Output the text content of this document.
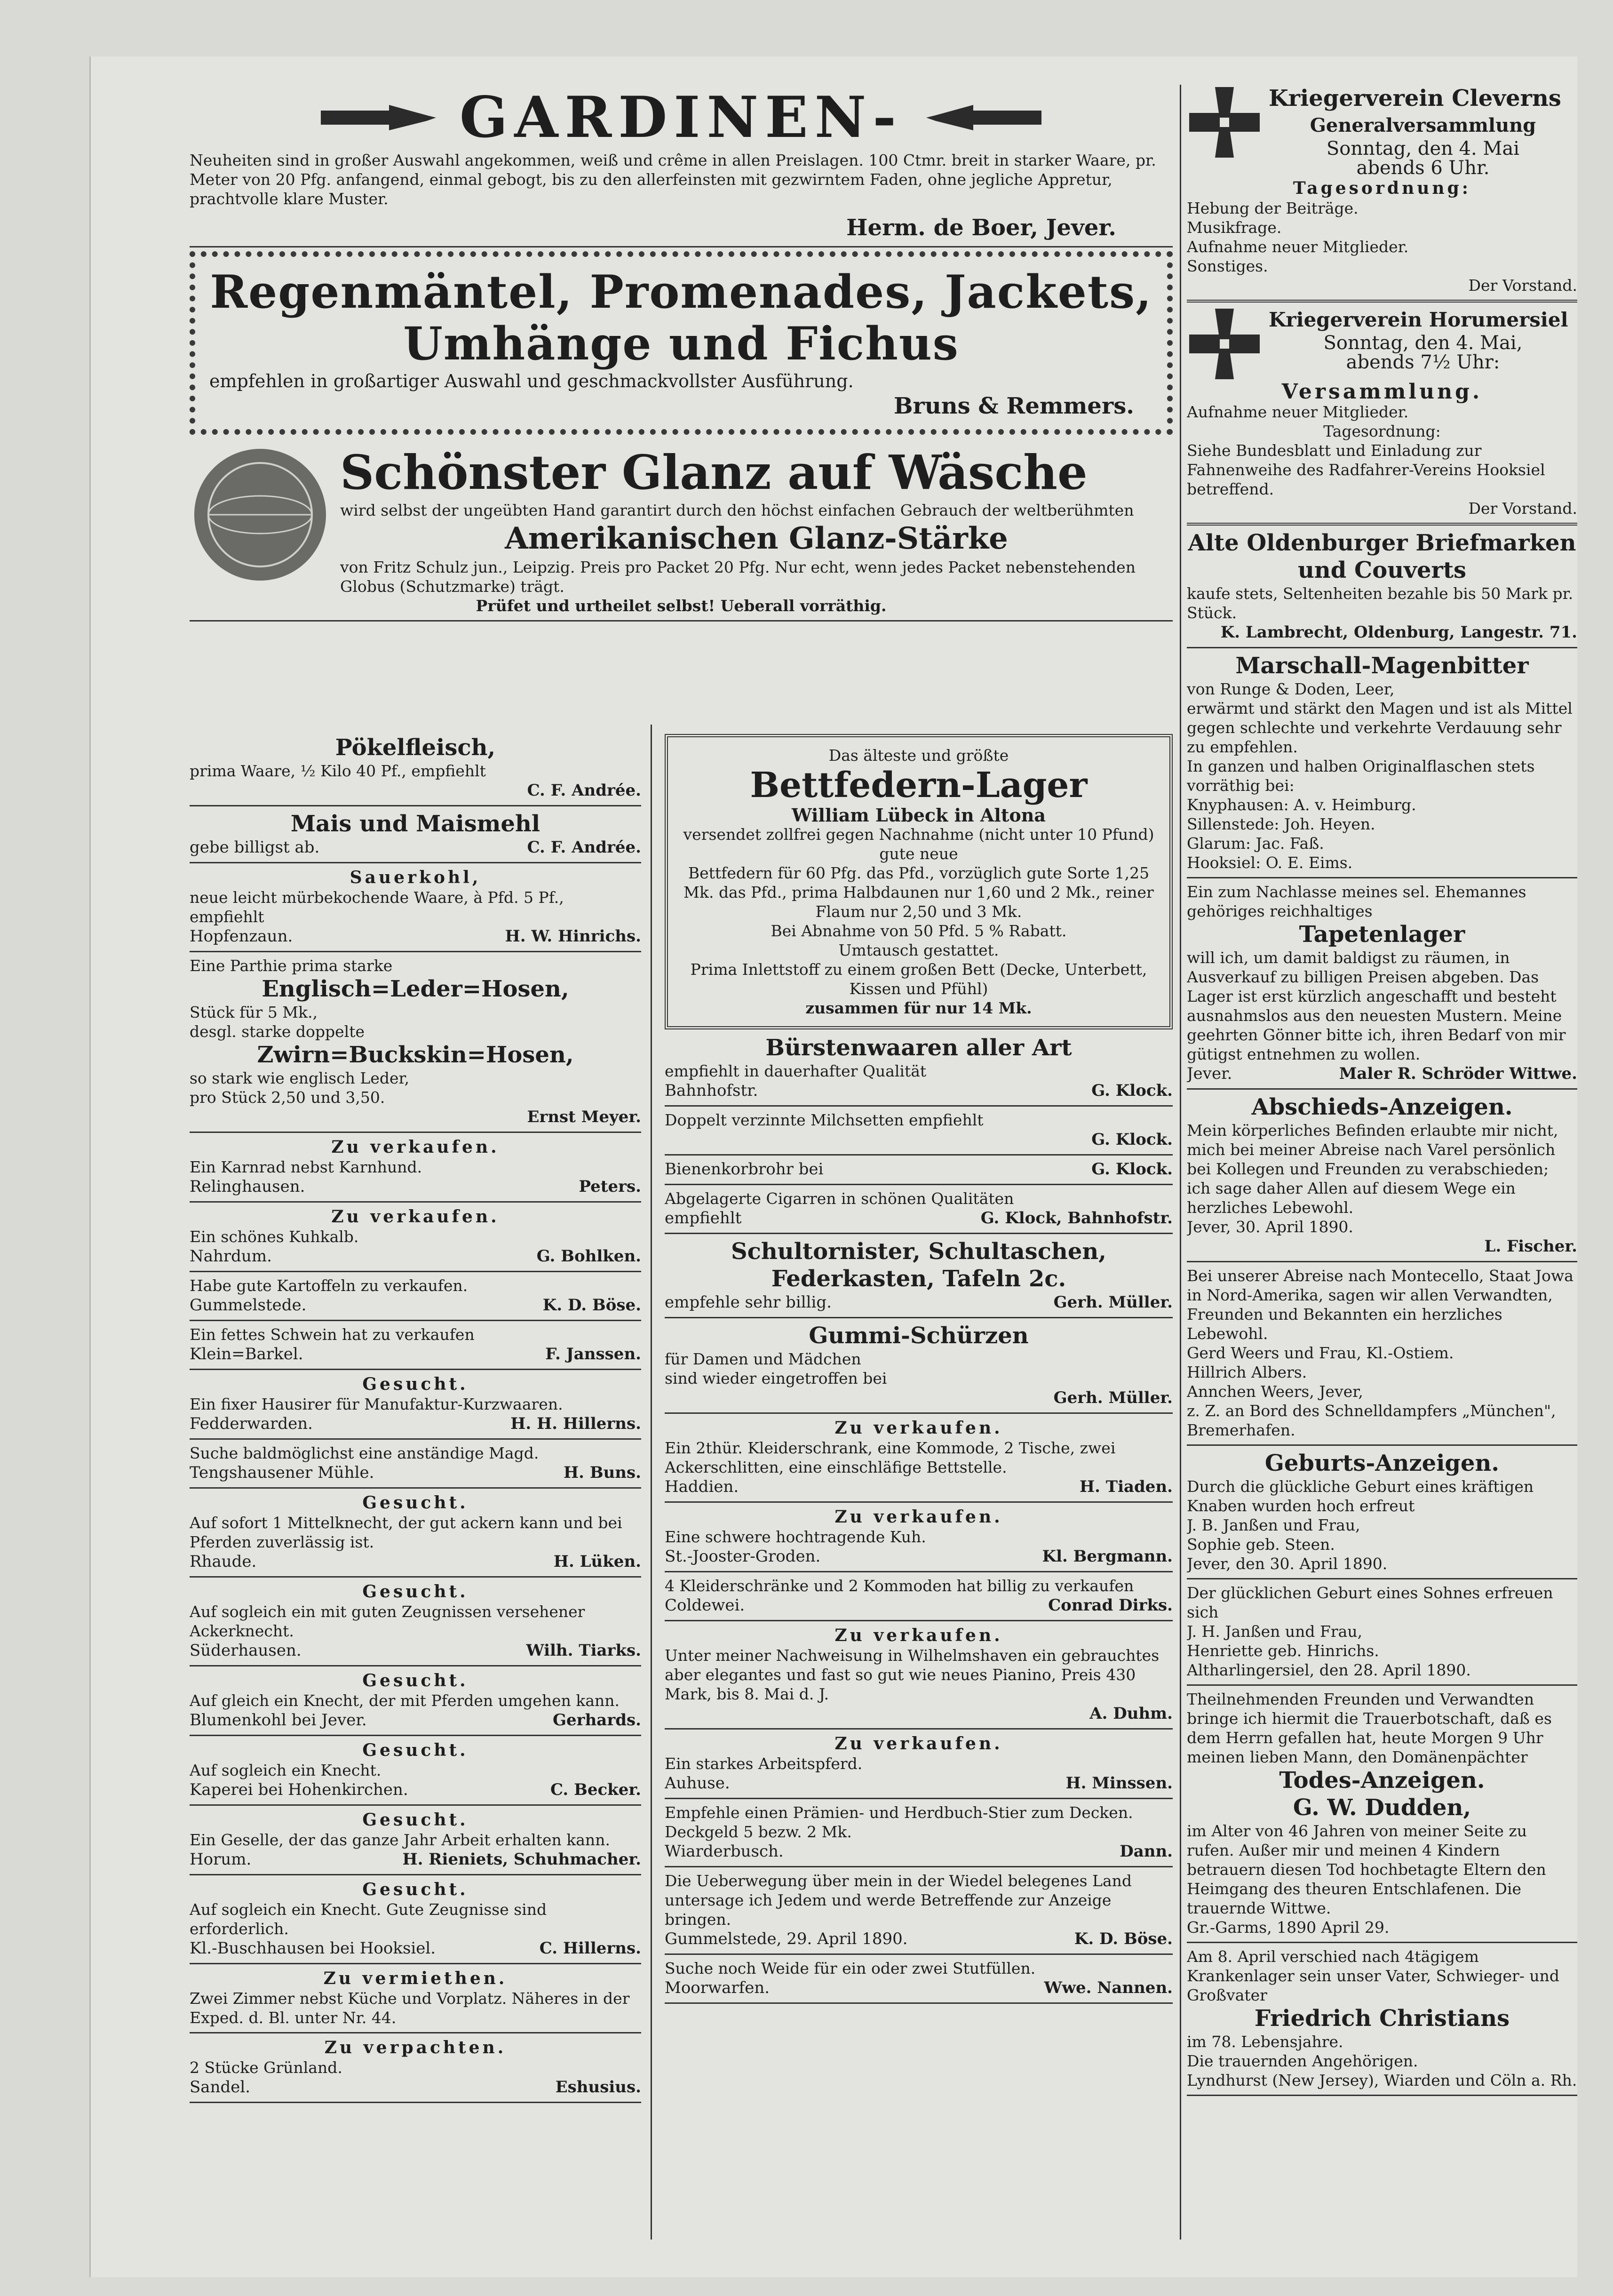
GARDINEN-

Neuheiten sind in großer Auswahl angekommen, weiß und crême in allen Preislagen. 100 Ctmr. breit in starker Waare, pr. Meter von 20 Pfg. anfangend, einmal gebogt, bis zu den allerfeinsten mit gezwirntem Faden, ohne jegliche Appretur, prachtvolle klare Muster.

Herm. de Boer, Jever.

Regenmäntel, Promenades, Jackets,
Umhänge und Fichus

empfehlen in großartiger Auswahl und geschmackvollster Ausführung.

Bruns & Remmers.

Schönster Glanz auf Wäsche

wird selbst der ungeübten Hand garantirt durch den höchst einfachen Gebrauch der weltberühmten

Amerikanischen Glanz-Stärke

von Fritz Schulz jun., Leipzig. Preis pro Packet 20 Pfg. Nur echt, wenn jedes Packet nebenstehenden Globus (Schutzmarke) trägt.

Prüfet und urtheilet selbst! Ueberall vorräthig.

Pökelfleisch,

prima Waare, ½ Kilo 40 Pf., empfiehlt

C. F. Andrée.
Mais und Maismehl
gebe billigst ab.	C. F. Andrée.

Sauerkohl,

neue leicht mürbekochende Waare, à Pfd. 5 Pf., empfiehlt

Hopfenzaun.	H. W. Hinrichs.

Eine Parthie prima starke

Englisch=Leder=Hosen,

Stück für 5 Mk.,

desgl. starke doppelte

Zwirn=Buckskin=Hosen,

so stark wie englisch Leder,

pro Stück 2,50 und 3,50.

Ernst Meyer.

Zu verkaufen.

Ein Karnrad nebst Karnhund.

Relinghausen.	Peters.

Zu verkaufen.

Ein schönes Kuhkalb.

Nahrdum.	G. Bohlken.

Habe gute Kartoffeln zu verkaufen.

Gummelstede.	K. D. Böse.

Ein fettes Schwein hat zu verkaufen

Klein=Barkel.	F. Janssen.

Gesucht.

Ein fixer Hausirer für Manufaktur-Kurzwaaren.

Fedderwarden.	H. H. Hillerns.

Suche baldmöglichst eine anständige Magd.

Tengshausener Mühle.	H. Buns.

Gesucht.

Auf sofort 1 Mittelknecht, der gut ackern kann und bei Pferden zuverlässig ist.

Rhaude.	H. Lüken.

Gesucht.

Auf sogleich ein mit guten Zeugnissen versehener Ackerknecht.

Süderhausen.	Wilh. Tiarks.

Gesucht.

Auf gleich ein Knecht, der mit Pferden umgehen kann.

Blumenkohl bei Jever.	Gerhards.

Gesucht.

Auf sogleich ein Knecht.

Kaperei bei Hohenkirchen.	C. Becker.

Gesucht.

Ein Geselle, der das ganze Jahr Arbeit erhalten kann.

Horum.	H. Rieniets, Schuhmacher.

Gesucht.

Auf sogleich ein Knecht. Gute Zeugnisse sind erforderlich.

Kl.-Buschhausen bei Hooksiel.	C. Hillerns.

Zu vermiethen.

Zwei Zimmer nebst Küche und Vorplatz. Näheres in der Exped. d. Bl. unter Nr. 44.

Zu verpachten.

2 Stücke Grünland.

Sandel.	Eshusius.

Das älteste und größte

Bettfedern-Lager

William Lübeck in Altona

versendet zollfrei gegen Nachnahme (nicht unter 10 Pfund) gute neue

Bettfedern für 60 Pfg. das Pfd., vorzüglich gute Sorte 1,25 Mk. das Pfd., prima Halbdaunen nur 1,60 und 2 Mk., reiner Flaum nur 2,50 und 3 Mk.

Bei Abnahme von 50 Pfd. 5 % Rabatt.

Umtausch gestattet.

Prima Inlettstoff zu einem großen Bett (Decke, Unterbett, Kissen und Pfühl)

zusammen für nur 14 Mk.

Bürstenwaaren aller Art

empfiehlt in dauerhafter Qualität

Bahnhofstr.	G. Klock.

Doppelt verzinnte Milchsetten empfiehlt

G. Klock.
Bienenkorbrohr bei	G. Klock.

Abgelagerte Cigarren in schönen Qualitäten

empfiehlt	G. Klock, Bahnhofstr.
Schultornister, Schultaschen, Federkasten, Tafeln 2c.
empfehle sehr billig.	Gerh. Müller.
Gummi-Schürzen

für Damen und Mädchen

sind wieder eingetroffen bei

Gerh. Müller.

Zu verkaufen.

Ein 2thür. Kleiderschrank, eine Kommode, 2 Tische, zwei Ackerschlitten, eine einschläfige Bettstelle.

Haddien.	H. Tiaden.

Zu verkaufen.

Eine schwere hochtragende Kuh.

St.-Jooster-Groden.	Kl. Bergmann.

4 Kleiderschränke und 2 Kommoden hat billig zu verkaufen

Coldewei.	Conrad Dirks.

Zu verkaufen.

Unter meiner Nachweisung in Wilhelmshaven ein gebrauchtes aber elegantes und fast so gut wie neues Pianino, Preis 430 Mark, bis 8. Mai d. J.

A. Duhm.

Zu verkaufen.

Ein starkes Arbeitspferd.

Auhuse.	H. Minssen.

Empfehle einen Prämien- und Herdbuch-Stier zum Decken. Deckgeld 5 bezw. 2 Mk.

Wiarderbusch.	Dann.

Die Ueberwegung über mein in der Wiedel belegenes Land untersage ich Jedem und werde Betreffende zur Anzeige bringen.

Gummelstede, 29. April 1890.	K. D. Böse.

Suche noch Weide für ein oder zwei Stutfüllen.

Moorwarfen.	Wwe. Nannen.
Kriegerverein Cleverns
Generalversammlung

Sonntag, den 4. Mai

abends 6 Uhr.

Tagesordnung:

Hebung der Beiträge.

Musikfrage.

Aufnahme neuer Mitglieder.

Sonstiges.

Der Vorstand.

Kriegerverein Horumersiel

Sonntag, den 4. Mai,

abends 7½ Uhr:

Versammlung.

Aufnahme neuer Mitglieder.

Tagesordnung:

Siehe Bundesblatt und Einladung zur Fahnenweihe des Radfahrer-Vereins Hooksiel betreffend.

Der Vorstand.

Alte Oldenburger Briefmarken und Couverts

kaufe stets, Seltenheiten bezahle bis 50 Mark pr. Stück.

K. Lambrecht, Oldenburg, Langestr. 71.
Marschall-Magenbitter

von Runge & Doden, Leer,

erwärmt und stärkt den Magen und ist als Mittel gegen schlechte und verkehrte Verdauung sehr zu empfehlen.

In ganzen und halben Originalflaschen stets vorräthig bei:

Knyphausen: A. v. Heimburg.

Sillenstede: Joh. Heyen.

Glarum: Jac. Faß.

Hooksiel: O. E. Eims.

Ein zum Nachlasse meines sel. Ehemannes gehöriges reichhaltiges

Tapetenlager

will ich, um damit baldigst zu räumen, in Ausverkauf zu billigen Preisen abgeben. Das Lager ist erst kürzlich angeschafft und besteht ausnahmslos aus den neuesten Mustern. Meine geehrten Gönner bitte ich, ihren Bedarf von mir gütigst entnehmen zu wollen.

Jever.	Maler R. Schröder Wittwe.
Abschieds-Anzeigen.

Mein körperliches Befinden erlaubte mir nicht, mich bei meiner Abreise nach Varel persönlich bei Kollegen und Freunden zu verabschieden; ich sage daher Allen auf diesem Wege ein herzliches Lebewohl.

Jever, 30. April 1890.

L. Fischer.

Bei unserer Abreise nach Montecello, Staat Jowa in Nord-Amerika, sagen wir allen Verwandten, Freunden und Bekannten ein herzliches Lebewohl.

Gerd Weers und Frau, Kl.-Ostiem.

Hillrich Albers.

Annchen Weers, Jever,

z. Z. an Bord des Schnelldampfers „München", Bremerhafen.

Geburts-Anzeigen.

Durch die glückliche Geburt eines kräftigen Knaben wurden hoch erfreut

J. B. Janßen und Frau,

Sophie geb. Steen.

Jever, den 30. April 1890.

Der glücklichen Geburt eines Sohnes erfreuen sich

J. H. Janßen und Frau,

Henriette geb. Hinrichs.

Altharlingersiel, den 28. April 1890.

Theilnehmenden Freunden und Verwandten bringe ich hiermit die Trauerbotschaft, daß es dem Herrn gefallen hat, heute Morgen 9 Uhr meinen lieben Mann, den Domänenpächter

Todes-Anzeigen.
G. W. Dudden,

im Alter von 46 Jahren von meiner Seite zu rufen. Außer mir und meinen 4 Kindern betrauern diesen Tod hochbetagte Eltern den Heimgang des theuren Entschlafenen. Die trauernde Wittwe.

Gr.-Garms, 1890 April 29.

Am 8. April verschied nach 4tägigem Krankenlager sein unser Vater, Schwieger- und Großvater

Friedrich Christians

im 78. Lebensjahre.

Die trauernden Angehörigen.

Lyndhurst (New Jersey), Wiarden und Cöln a. Rh.
